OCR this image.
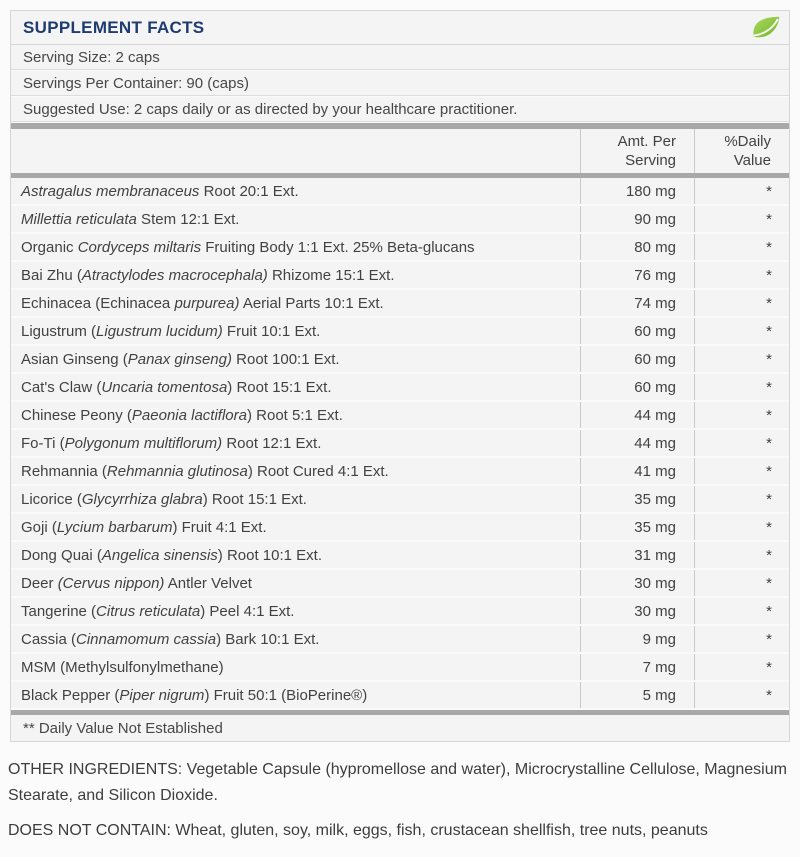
SUPPLEMENT FACTS
Serving Size: 2 caps
Servings Per Container: 90 (caps)
Suggested Use: 2 caps daily or as directed by your healthcare practitioner.
Amt. Per
Serving
%Daily
Value
Astragalus membranaceus Root 20:1 Ext.	180 mg	*
Millettia reticulata Stem 12:1 Ext.	90 mg	*
Organic Cordyceps miltaris Fruiting Body 1:1 Ext. 25% Beta-glucans	80 mg	*
Bai Zhu ( Atractylodes macrocephala) Rhizome 15:1 Ext.	76 mg	*
Echinacea (Echinacea purpurea) Aerial Parts 10:1 Ext.	74 mg	*
Ligustrum ( Ligustrum lucidum) Fruit 10:1 Ext.	60 mg	*
Asian Ginseng ( Panax ginseng) Root 100:1 Ext.	60 mg	*
Cat's Claw ( Uncaria tomentosa ) Root 15:1 Ext.	60 mg	*
Chinese Peony ( Paeonia lactiflora ) Root 5:1 Ext.	44 mg	*
Fo-Ti ( Polygonum multiflorum) Root 12:1 Ext.	44 mg	*
Rehmannia ( Rehmannia glutinosa ) Root Cured 4:1 Ext.	41 mg	*
Licorice ( Glycyrrhiza glabra ) Root 15:1 Ext.	35 mg	*
Goji ( Lycium barbarum ) Fruit 4:1 Ext.	35 mg	*
Dong Quai ( Angelica sinensis ) Root 10:1 Ext.	31 mg	*
Deer (Cervus nippon) Antler Velvet	30 mg	*
Tangerine ( Citrus reticulata ) Peel 4:1 Ext.	30 mg	*
Cassia ( Cinnamomum cassia ) Bark 10:1 Ext.	9 mg	*
MSM (Methylsulfonylmethane)	7 mg	*
Black Pepper ( Piper nigrum ) Fruit 50:1 (BioPerine®)	5 mg	*
** Daily Value Not Established

OTHER INGREDIENTS: Vegetable Capsule (hypromellose and water), Microcrystalline Cellulose, Magnesium Stearate, and Silicon Dioxide.

DOES NOT CONTAIN: Wheat, gluten, soy, milk, eggs, fish, crustacean shellfish, tree nuts, peanuts
